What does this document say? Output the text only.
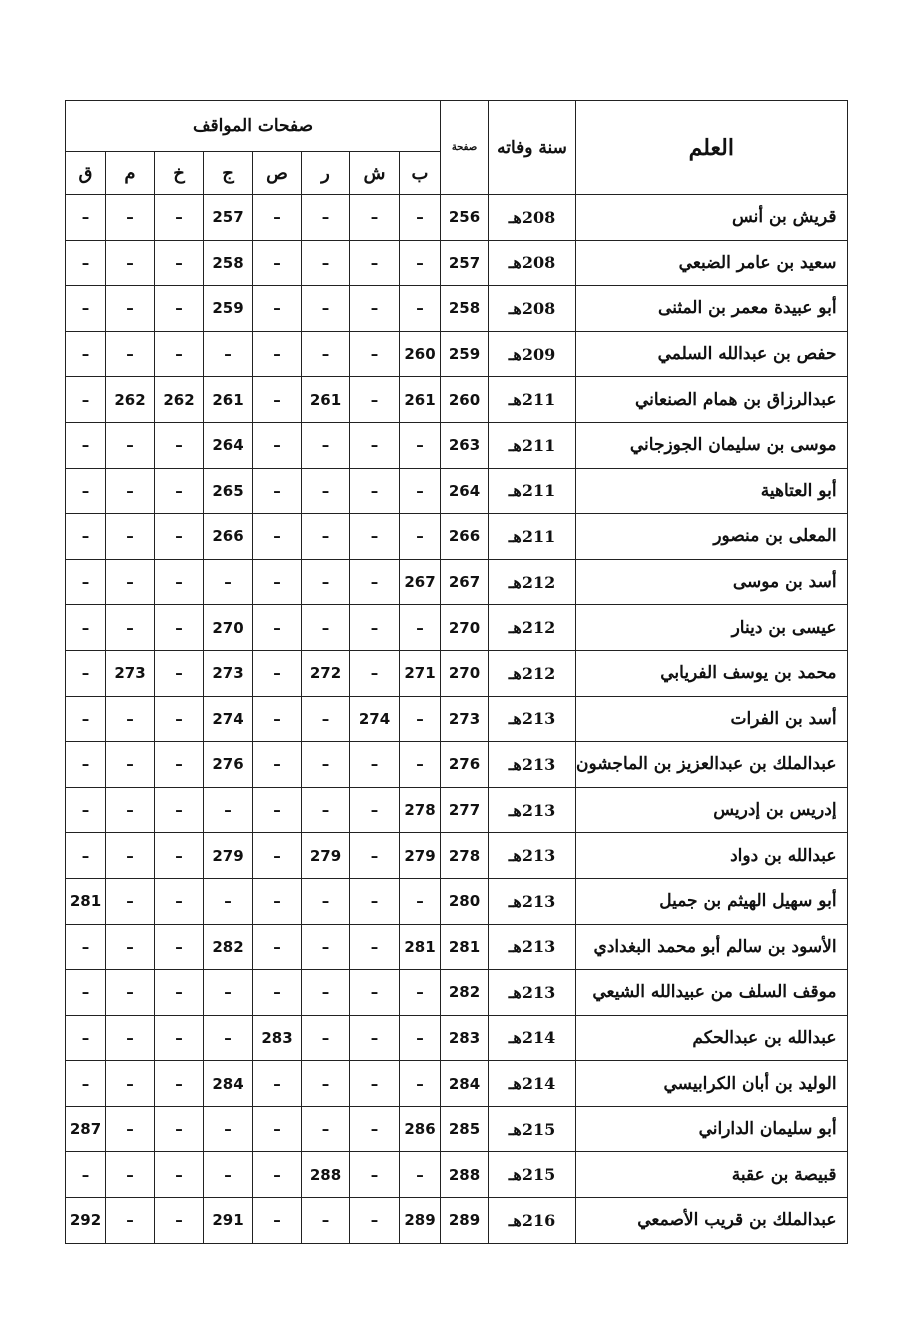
العلم	سنة وفاته	صفحة	صفحات المواقف							
			ب	ش	ر	ص	ج	خ	م	ق
قريش بن أنس	208هـ	256	–	–	–	–	257	–	–	–
سعيد بن عامر الضبعي	208هـ	257	–	–	–	–	258	–	–	–
أبو عبيدة معمر بن المثنى	208هـ	258	–	–	–	–	259	–	–	–
حفص بن عبدالله السلمي	209هـ	259	260	–	–	–	–	–	–	–
عبدالرزاق بن همام الصنعاني	211هـ	260	261	–	261	–	261	262	262	–
موسى بن سليمان الجوزجاني	211هـ	263	–	–	–	–	264	–	–	–
أبو العتاهية	211هـ	264	–	–	–	–	265	–	–	–
المعلى بن منصور	211هـ	266	–	–	–	–	266	–	–	–
أسد بن موسى	212هـ	267	267	–	–	–	–	–	–	–
عيسى بن دينار	212هـ	270	–	–	–	–	270	–	–	–
محمد بن يوسف الفريابي	212هـ	270	271	–	272	–	273	–	273	–
أسد بن الفرات	213هـ	273	–	274	–	–	274	–	–	–
عبدالملك بن عبدالعزيز بن الماجشون	213هـ	276	–	–	–	–	276	–	–	–
إدريس بن إدريس	213هـ	277	278	–	–	–	–	–	–	–
عبدالله بن دواد	213هـ	278	279	–	279	–	279	–	–	–
أبو سهيل الهيثم بن جميل	213هـ	280	–	–	–	–	–	–	–	281
الأسود بن سالم أبو محمد البغدادي	213هـ	281	281	–	–	–	282	–	–	–
موقف السلف من عبيدالله الشيعي	213هـ	282	–	–	–	–	–	–	–	–
عبدالله بن عبدالحكم	214هـ	283	–	–	–	283	–	–	–	–
الوليد بن أبان الكرابيسي	214هـ	284	–	–	–	–	284	–	–	–
أبو سليمان الداراني	215هـ	285	286	–	–	–	–	–	–	287
قبيصة بن عقبة	215هـ	288	–	–	288	–	–	–	–	–
عبدالملك بن قريب الأصمعي	216هـ	289	289	–	–	–	291	–	–	292
